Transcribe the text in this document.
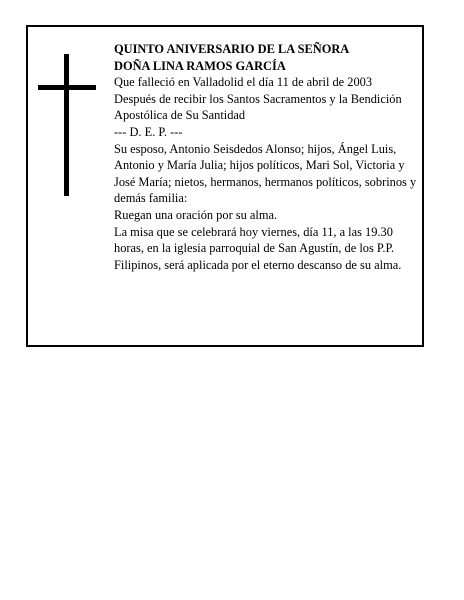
QUINTO ANIVERSARIO DE LA SEÑORA

DOÑA LINA RAMOS GARCÍA

Que falleció en Valladolid el día 11 de abril de 2003

Después de recibir los Santos Sacramentos y la Bendición Apostólica de Su Santidad

--- D. E. P. ---

Su esposo, Antonio Seisdedos Alonso; hijos, Ángel Luis, Antonio y María Julia; hijos políticos, Mari Sol, Victoria y José María; nietos, hermanos, hermanos políticos, sobrinos y demás familia:

Ruegan una oración por su alma.

La misa que se celebrará hoy viernes, día 11, a las 19.30 horas, en la iglesia parroquial de San Agustín, de los P.P. Filipinos, será aplicada por el eterno descanso de su alma.
